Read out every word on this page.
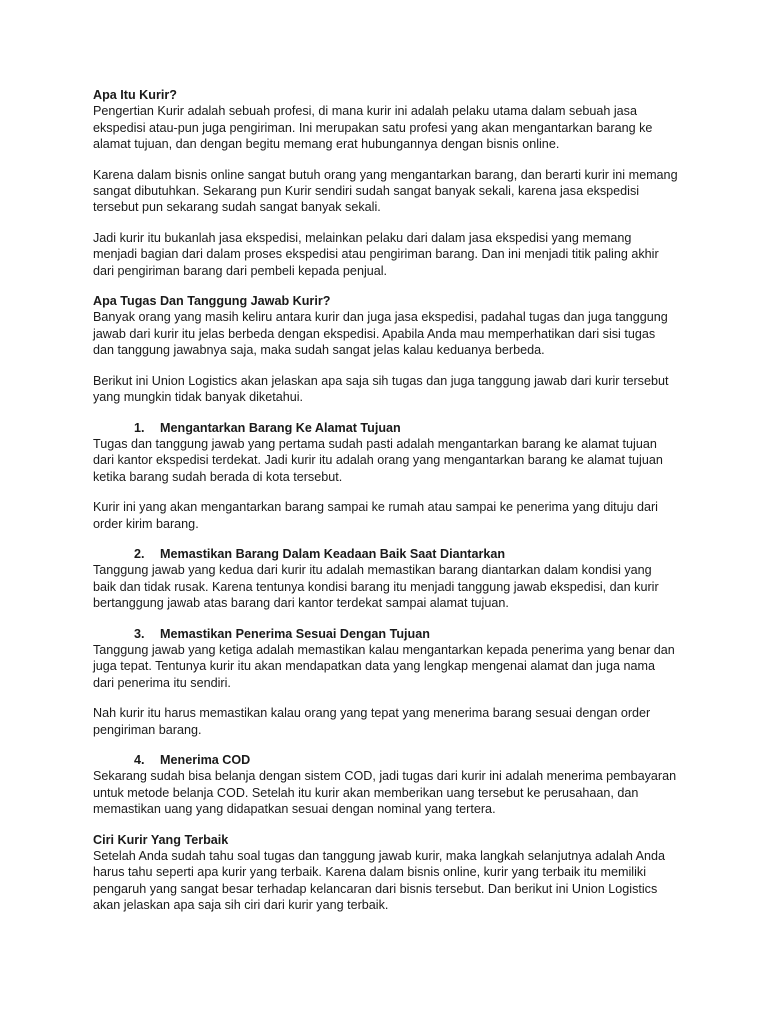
Apa Itu Kurir?

Pengertian Kurir adalah sebuah profesi, di mana kurir ini adalah pelaku utama dalam sebuah jasa ekspedisi atau-pun juga pengiriman. Ini merupakan satu profesi yang akan mengantarkan barang ke alamat tujuan, dan dengan begitu memang erat hubungannya dengan bisnis online.

Karena dalam bisnis online sangat butuh orang yang mengantarkan barang, dan berarti kurir ini memang sangat dibutuhkan. Sekarang pun Kurir sendiri sudah sangat banyak sekali, karena jasa ekspedisi tersebut pun sekarang sudah sangat banyak sekali.

Jadi kurir itu bukanlah jasa ekspedisi, melainkan pelaku dari dalam jasa ekspedisi yang memang menjadi bagian dari dalam proses ekspedisi atau pengiriman barang. Dan ini menjadi titik paling akhir dari pengiriman barang dari pembeli kepada penjual.

Apa Tugas Dan Tanggung Jawab Kurir?

Banyak orang yang masih keliru antara kurir dan juga jasa ekspedisi, padahal tugas dan juga tanggung jawab dari kurir itu jelas berbeda dengan ekspedisi. Apabila Anda mau memperhatikan dari sisi tugas dan tanggung jawabnya saja, maka sudah sangat jelas kalau keduanya berbeda.

Berikut ini Union Logistics akan jelaskan apa saja sih tugas dan juga tanggung jawab dari kurir tersebut yang mungkin tidak banyak diketahui.

1.	Mengantarkan Barang Ke Alamat Tujuan

Tugas dan tanggung jawab yang pertama sudah pasti adalah mengantarkan barang ke alamat tujuan dari kantor ekspedisi terdekat. Jadi kurir itu adalah orang yang mengantarkan barang ke alamat tujuan ketika barang sudah berada di kota tersebut.

Kurir ini yang akan mengantarkan barang sampai ke rumah atau sampai ke penerima yang dituju dari order kirim barang.

2.	Memastikan Barang Dalam Keadaan Baik Saat Diantarkan

Tanggung jawab yang kedua dari kurir itu adalah memastikan barang diantarkan dalam kondisi yang baik dan tidak rusak. Karena tentunya kondisi barang itu menjadi tanggung jawab ekspedisi, dan kurir bertanggung jawab atas barang dari kantor terdekat sampai alamat tujuan.

3.	Memastikan Penerima Sesuai Dengan Tujuan

Tanggung jawab yang ketiga adalah memastikan kalau mengantarkan kepada penerima yang benar dan juga tepat. Tentunya kurir itu akan mendapatkan data yang lengkap mengenai alamat dan juga nama dari penerima itu sendiri.

Nah kurir itu harus memastikan kalau orang yang tepat yang menerima barang sesuai dengan order pengiriman barang.

4.	Menerima COD

Sekarang sudah bisa belanja dengan sistem COD, jadi tugas dari kurir ini adalah menerima pembayaran untuk metode belanja COD. Setelah itu kurir akan memberikan uang tersebut ke perusahaan, dan memastikan uang yang didapatkan sesuai dengan nominal yang tertera.

Ciri Kurir Yang Terbaik

Setelah Anda sudah tahu soal tugas dan tanggung jawab kurir, maka langkah selanjutnya adalah Anda harus tahu seperti apa kurir yang terbaik. Karena dalam bisnis online, kurir yang terbaik itu memiliki pengaruh yang sangat besar terhadap kelancaran dari bisnis tersebut. Dan berikut ini Union Logistics akan jelaskan apa saja sih ciri dari kurir yang terbaik.
